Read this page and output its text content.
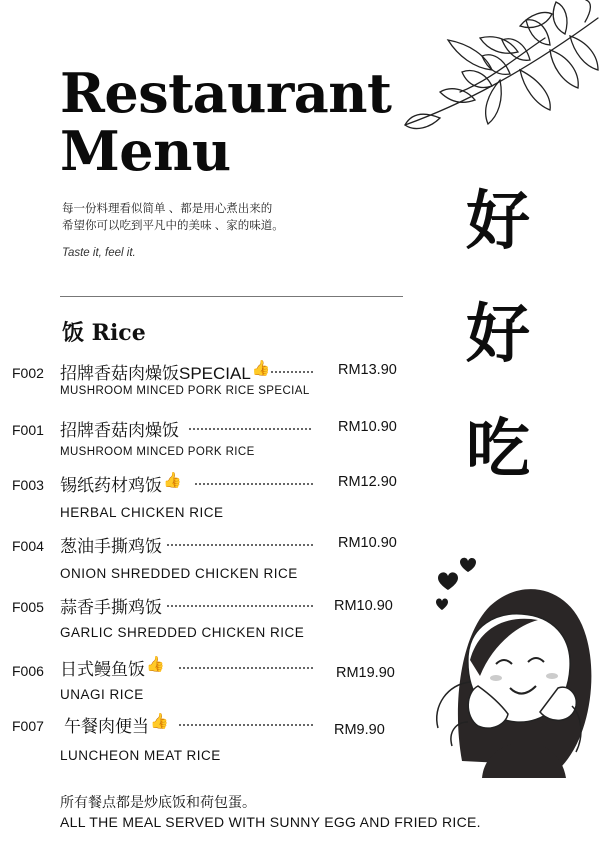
Restaurant
Menu
每一份料理看似简单 、都是用心煮出来的
希望你可以吃到平凡中的美味 、家的味道。
Taste it, feel it.
饭 Rice
F002 招牌香菇肉燥饭SPECIAL👍	RM13.90
MUSHROOM MINCED PORK RICE SPECIAL
F001 招牌香菇肉燥饭	RM10.90
MUSHROOM MINCED PORK RICE
F003 锡纸药材鸡饭👍	RM12.90
HERBAL CHICKEN RICE
F004 葱油手撕鸡饭	RM10.90
ONION SHREDDED CHICKEN RICE
F005 蒜香手撕鸡饭	RM10.90
GARLIC SHREDDED CHICKEN RICE
F006 日式鳗鱼饭👍	RM19.90
UNAGI RICE
F007 午餐肉便当👍	RM9.90
LUNCHEON MEAT RICE
所有餐点都是炒底饭和荷包蛋。
ALL THE MEAL SERVED WITH SUNNY EGG AND FRIED RICE.
好
好
吃
